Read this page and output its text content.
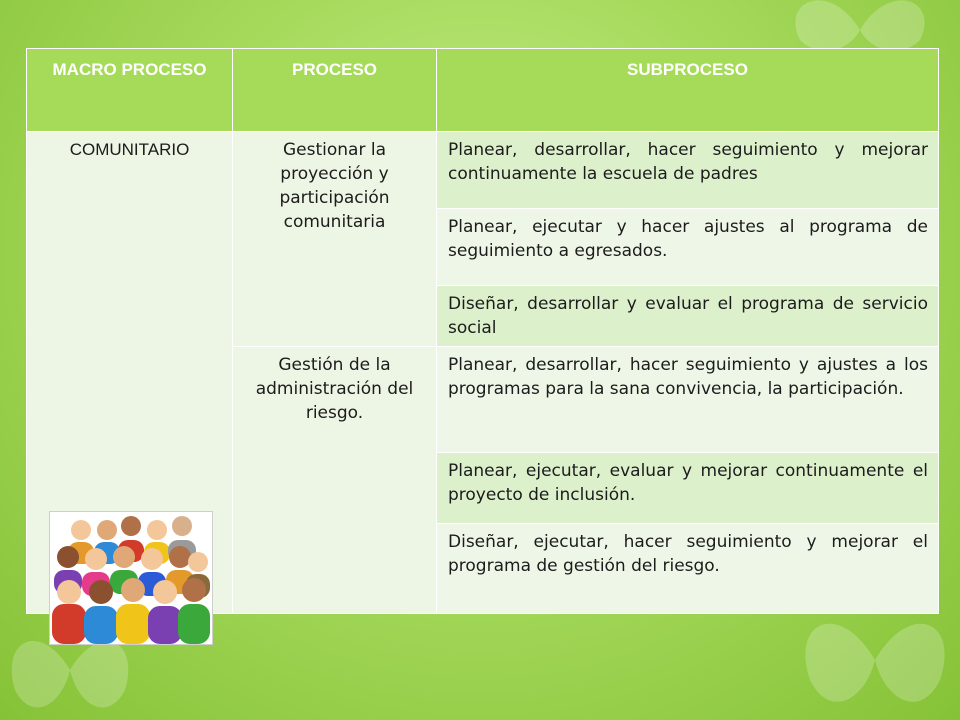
MACRO PROCESO	PROCESO	SUBPROCESO
COMUNITARIO	Gestionar la proyección y participación comunitaria	Planear, desarrollar, hacer seguimiento y mejorar continuamente la escuela de padres
		Planear, ejecutar y hacer ajustes al programa de seguimiento a egresados.
		Diseñar, desarrollar y evaluar el programa de servicio social
	Gestión de la administración del riesgo.	Planear, desarrollar, hacer seguimiento y ajustes a los programas para la sana convivencia, la participación.
		Planear, ejecutar, evaluar y mejorar continuamente el proyecto de inclusión.
		Diseñar, ejecutar, hacer seguimiento y mejorar el programa de gestión del riesgo.
